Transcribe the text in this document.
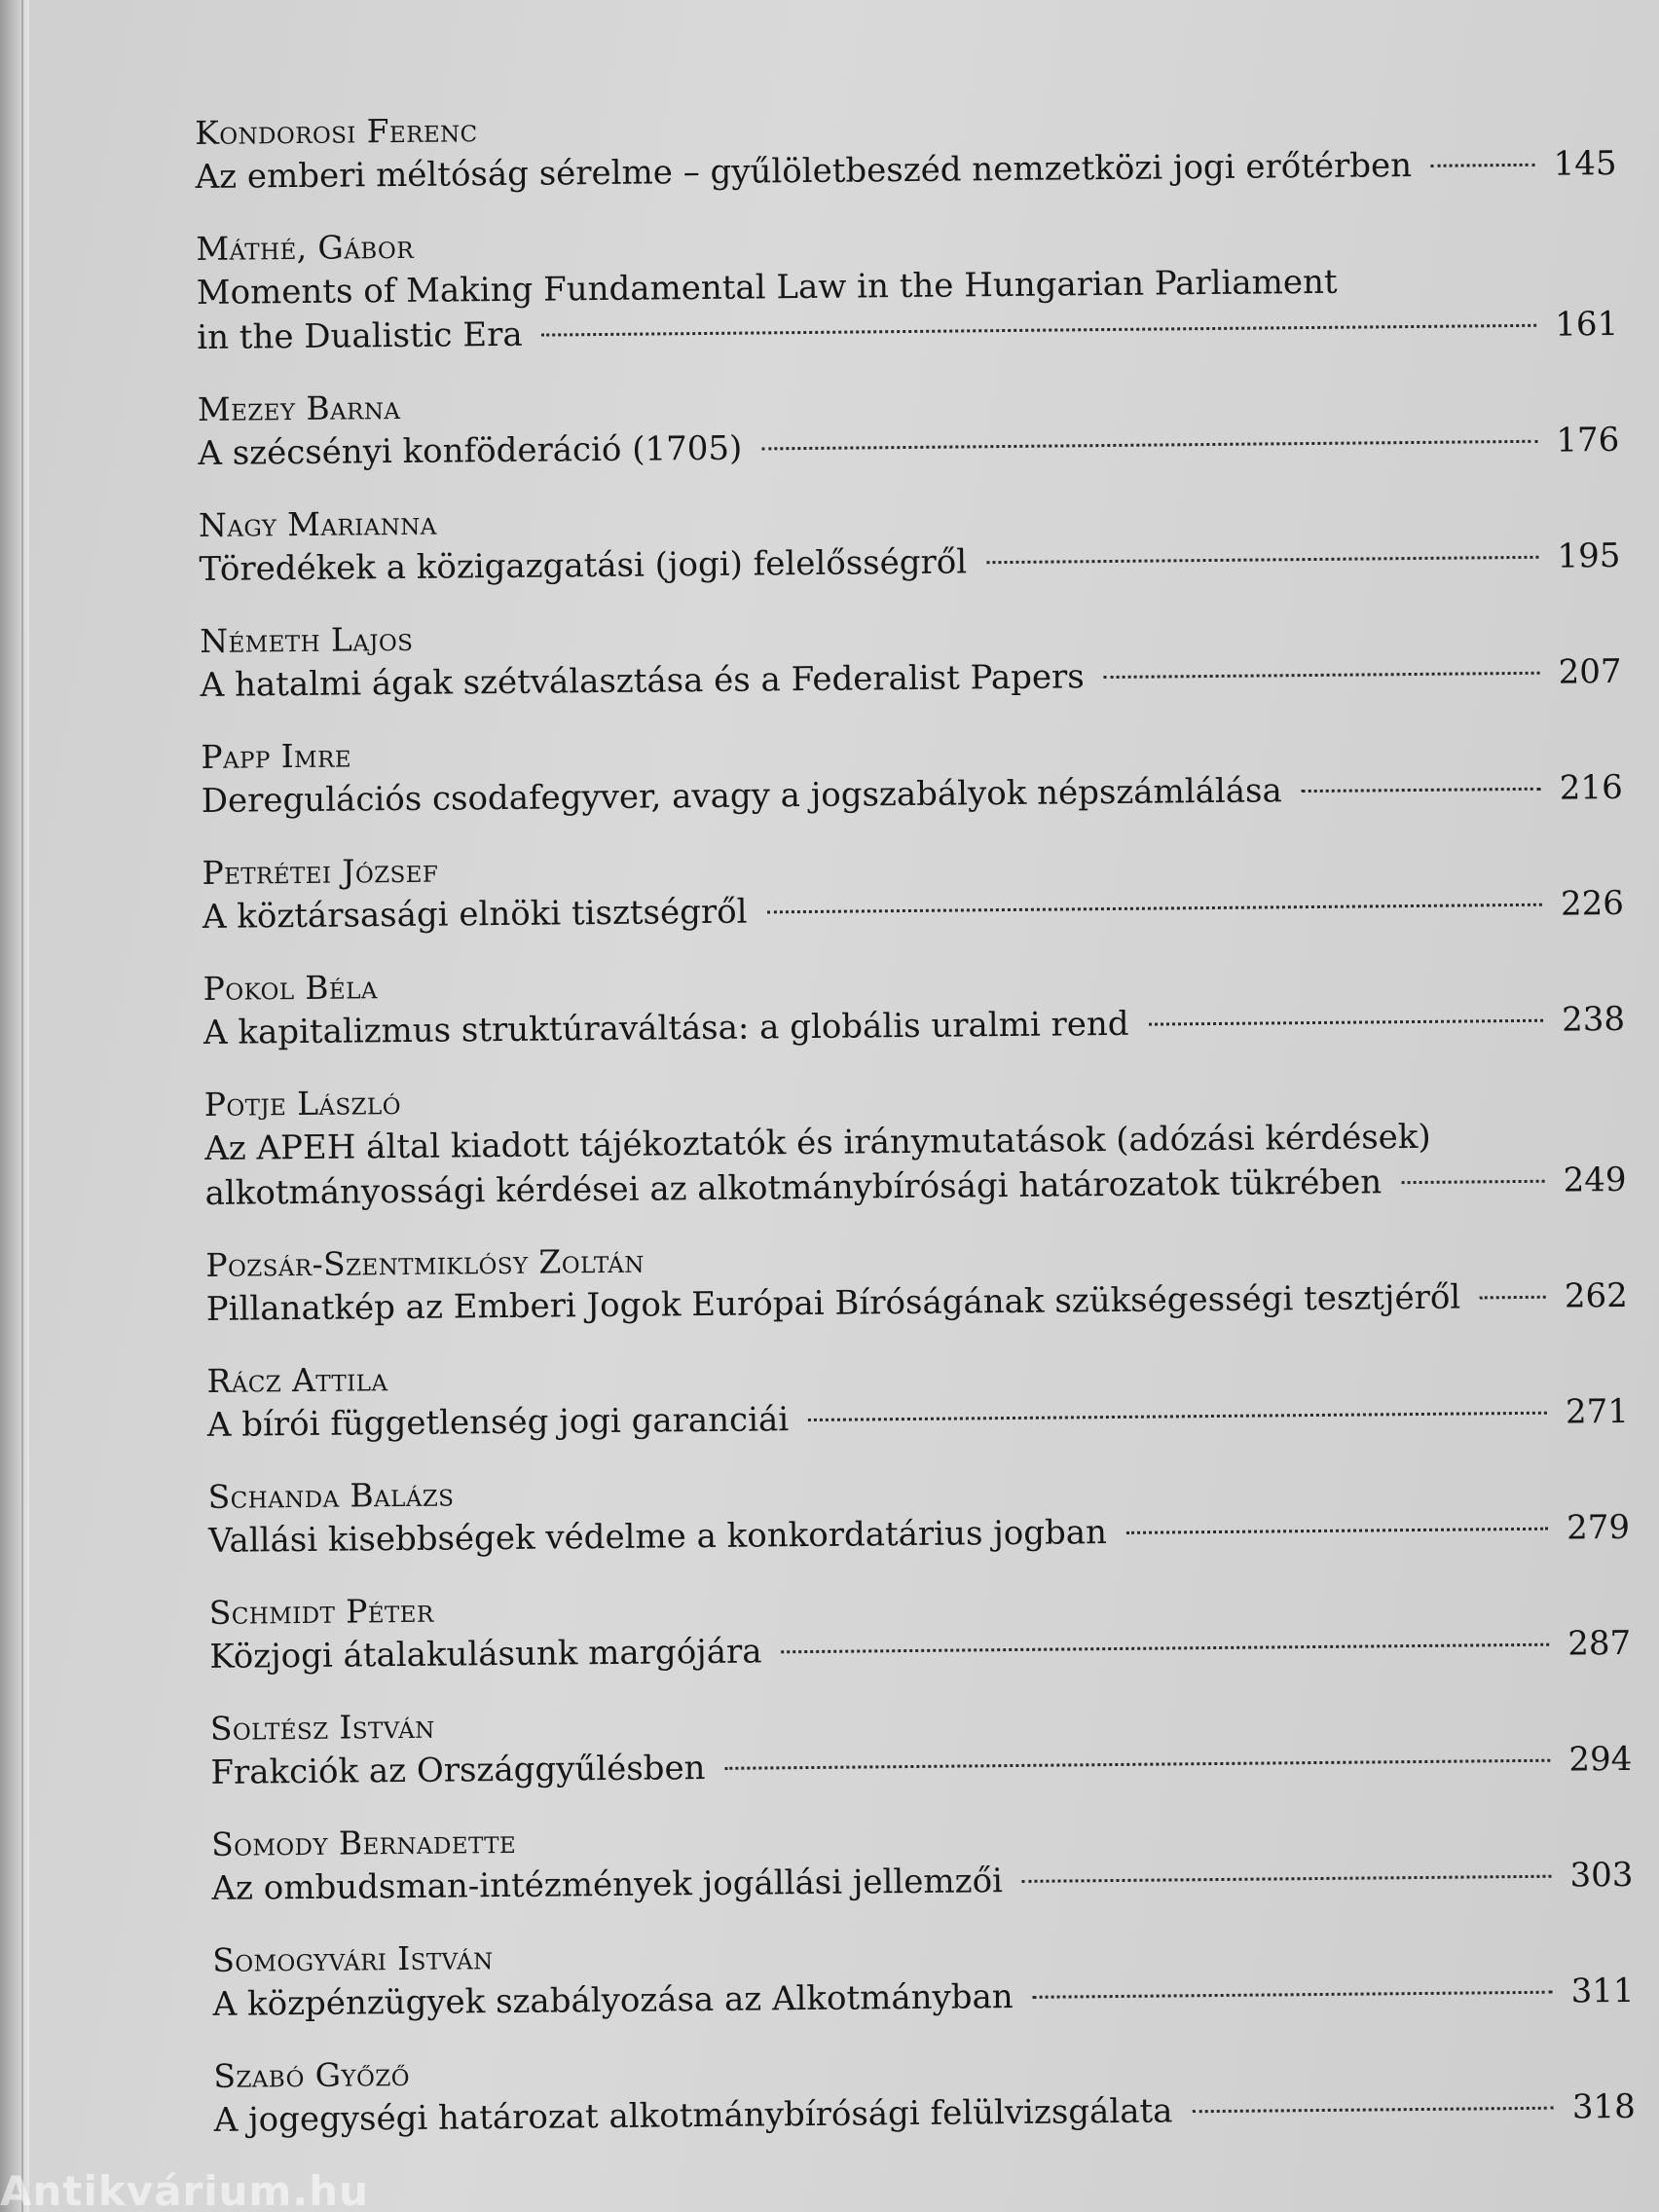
Kondorosi Ferenc
Az emberi méltóság sérelme – gyűlöletbeszéd nemzetközi jogi erőtérben	145
Máthé, Gábor
Moments of Making Fundamental Law in the Hungarian Parliament
in the Dualistic Era	161
Mezey Barna
A szécsényi konföderáció (1705)	176
Nagy Marianna
Töredékek a közigazgatási (jogi) felelősségről	195
Németh Lajos
A hatalmi ágak szétválasztása és a Federalist Papers	207
Papp Imre
Deregulációs csodafegyver, avagy a jogszabályok népszámlálása	216
Petrétei József
A köztársasági elnöki tisztségről	226
Pokol Béla
A kapitalizmus struktúraváltása: a globális uralmi rend	238
Potje László
Az APEH által kiadott tájékoztatók és iránymutatások (adózási kérdések)
alkotmányossági kérdései az alkotmánybírósági határozatok tükrében	249
Pozsár-Szentmiklósy Zoltán
Pillanatkép az Emberi Jogok Európai Bíróságának szükségességi tesztjéről	262
Rácz Attila
A bírói függetlenség jogi garanciái	271
Schanda Balázs
Vallási kisebbségek védelme a konkordatárius jogban	279
Schmidt Péter
Közjogi átalakulásunk margójára	287
Soltész István
Frakciók az Országgyűlésben	294
Somody Bernadette
Az ombudsman-intézmények jogállási jellemzői	303
Somogyvári István
A közpénzügyek szabályozása az Alkotmányban	311
Szabó Győző
A jogegységi határozat alkotmánybírósági felülvizsgálata	318
Antikvárium.hu
